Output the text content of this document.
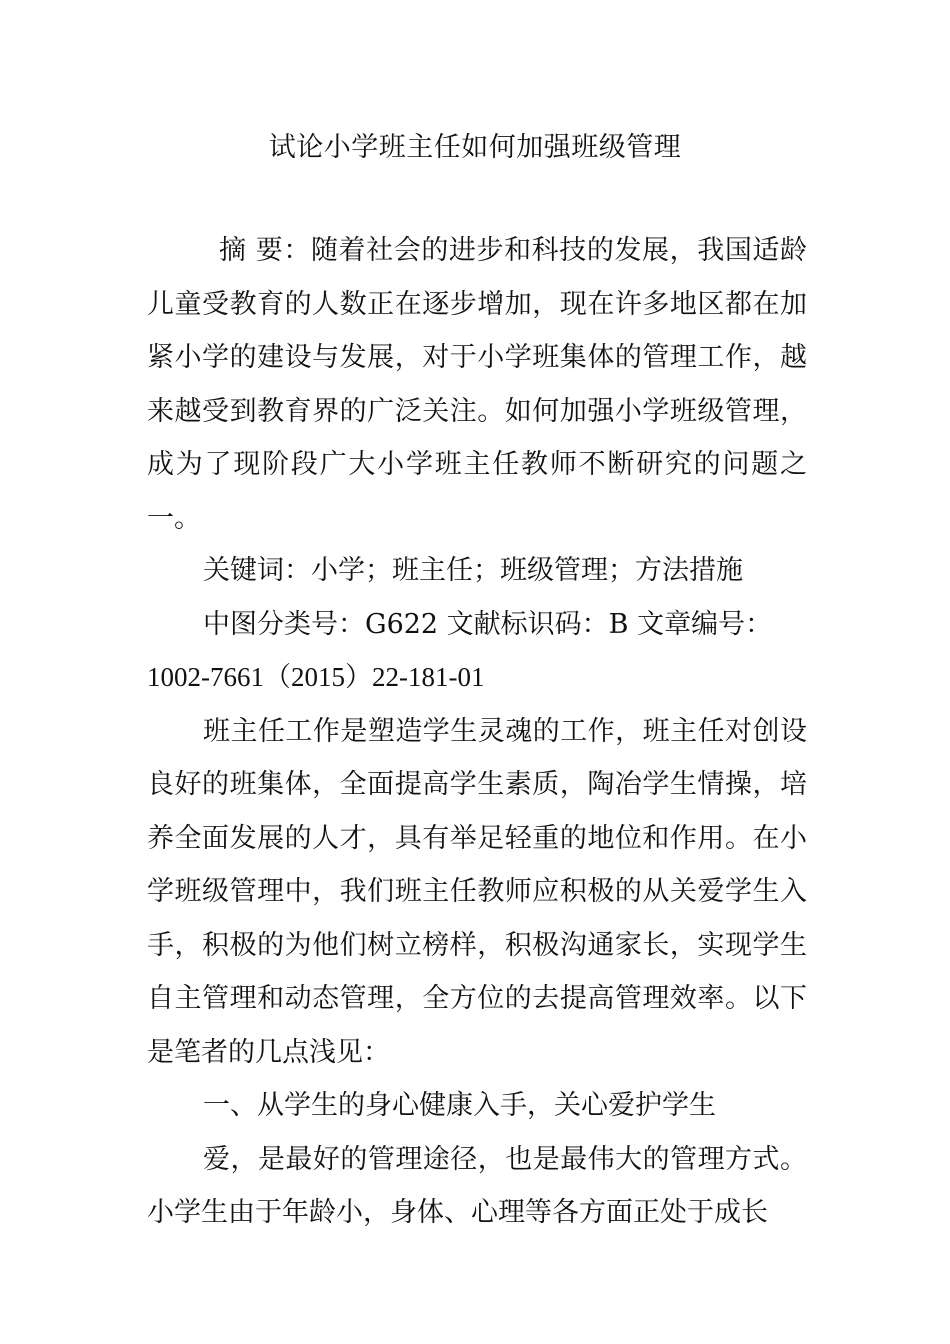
试论小学班主任如何加强班级管理
摘 要：随着社会的进步和科技的发展，我国适龄儿童受教育的人数正在逐步增加，现在许多地区都在加紧小学的建设与发展，对于小学班集体的管理工作，越来越受到教育界的广泛关注。如何加强小学班级管理，成为了现阶段广大小学班主任教师不断研究的问题之一。

关键词：小学；班主任；班级管理；方法措施

中图分类号：G622 文献标识码：B 文章编号：

1002-7661（2015）22-181-01

班主任工作是塑造学生灵魂的工作，班主任对创设良好的班集体，全面提高学生素质，陶冶学生情操，培养全面发展的人才，具有举足轻重的地位和作用。在小学班级管理中，我们班主任教师应积极的从关爱学生入手，积极的为他们树立榜样，积极沟通家长，实现学生自主管理和动态管理，全方位的去提高管理效率。以下是笔者的几点浅见：

一、从学生的身心健康入手，关心爱护学生

爱，是最好的管理途径，也是最伟大的管理方式。小学生由于年龄小，身体、心理等各方面正处于成长
